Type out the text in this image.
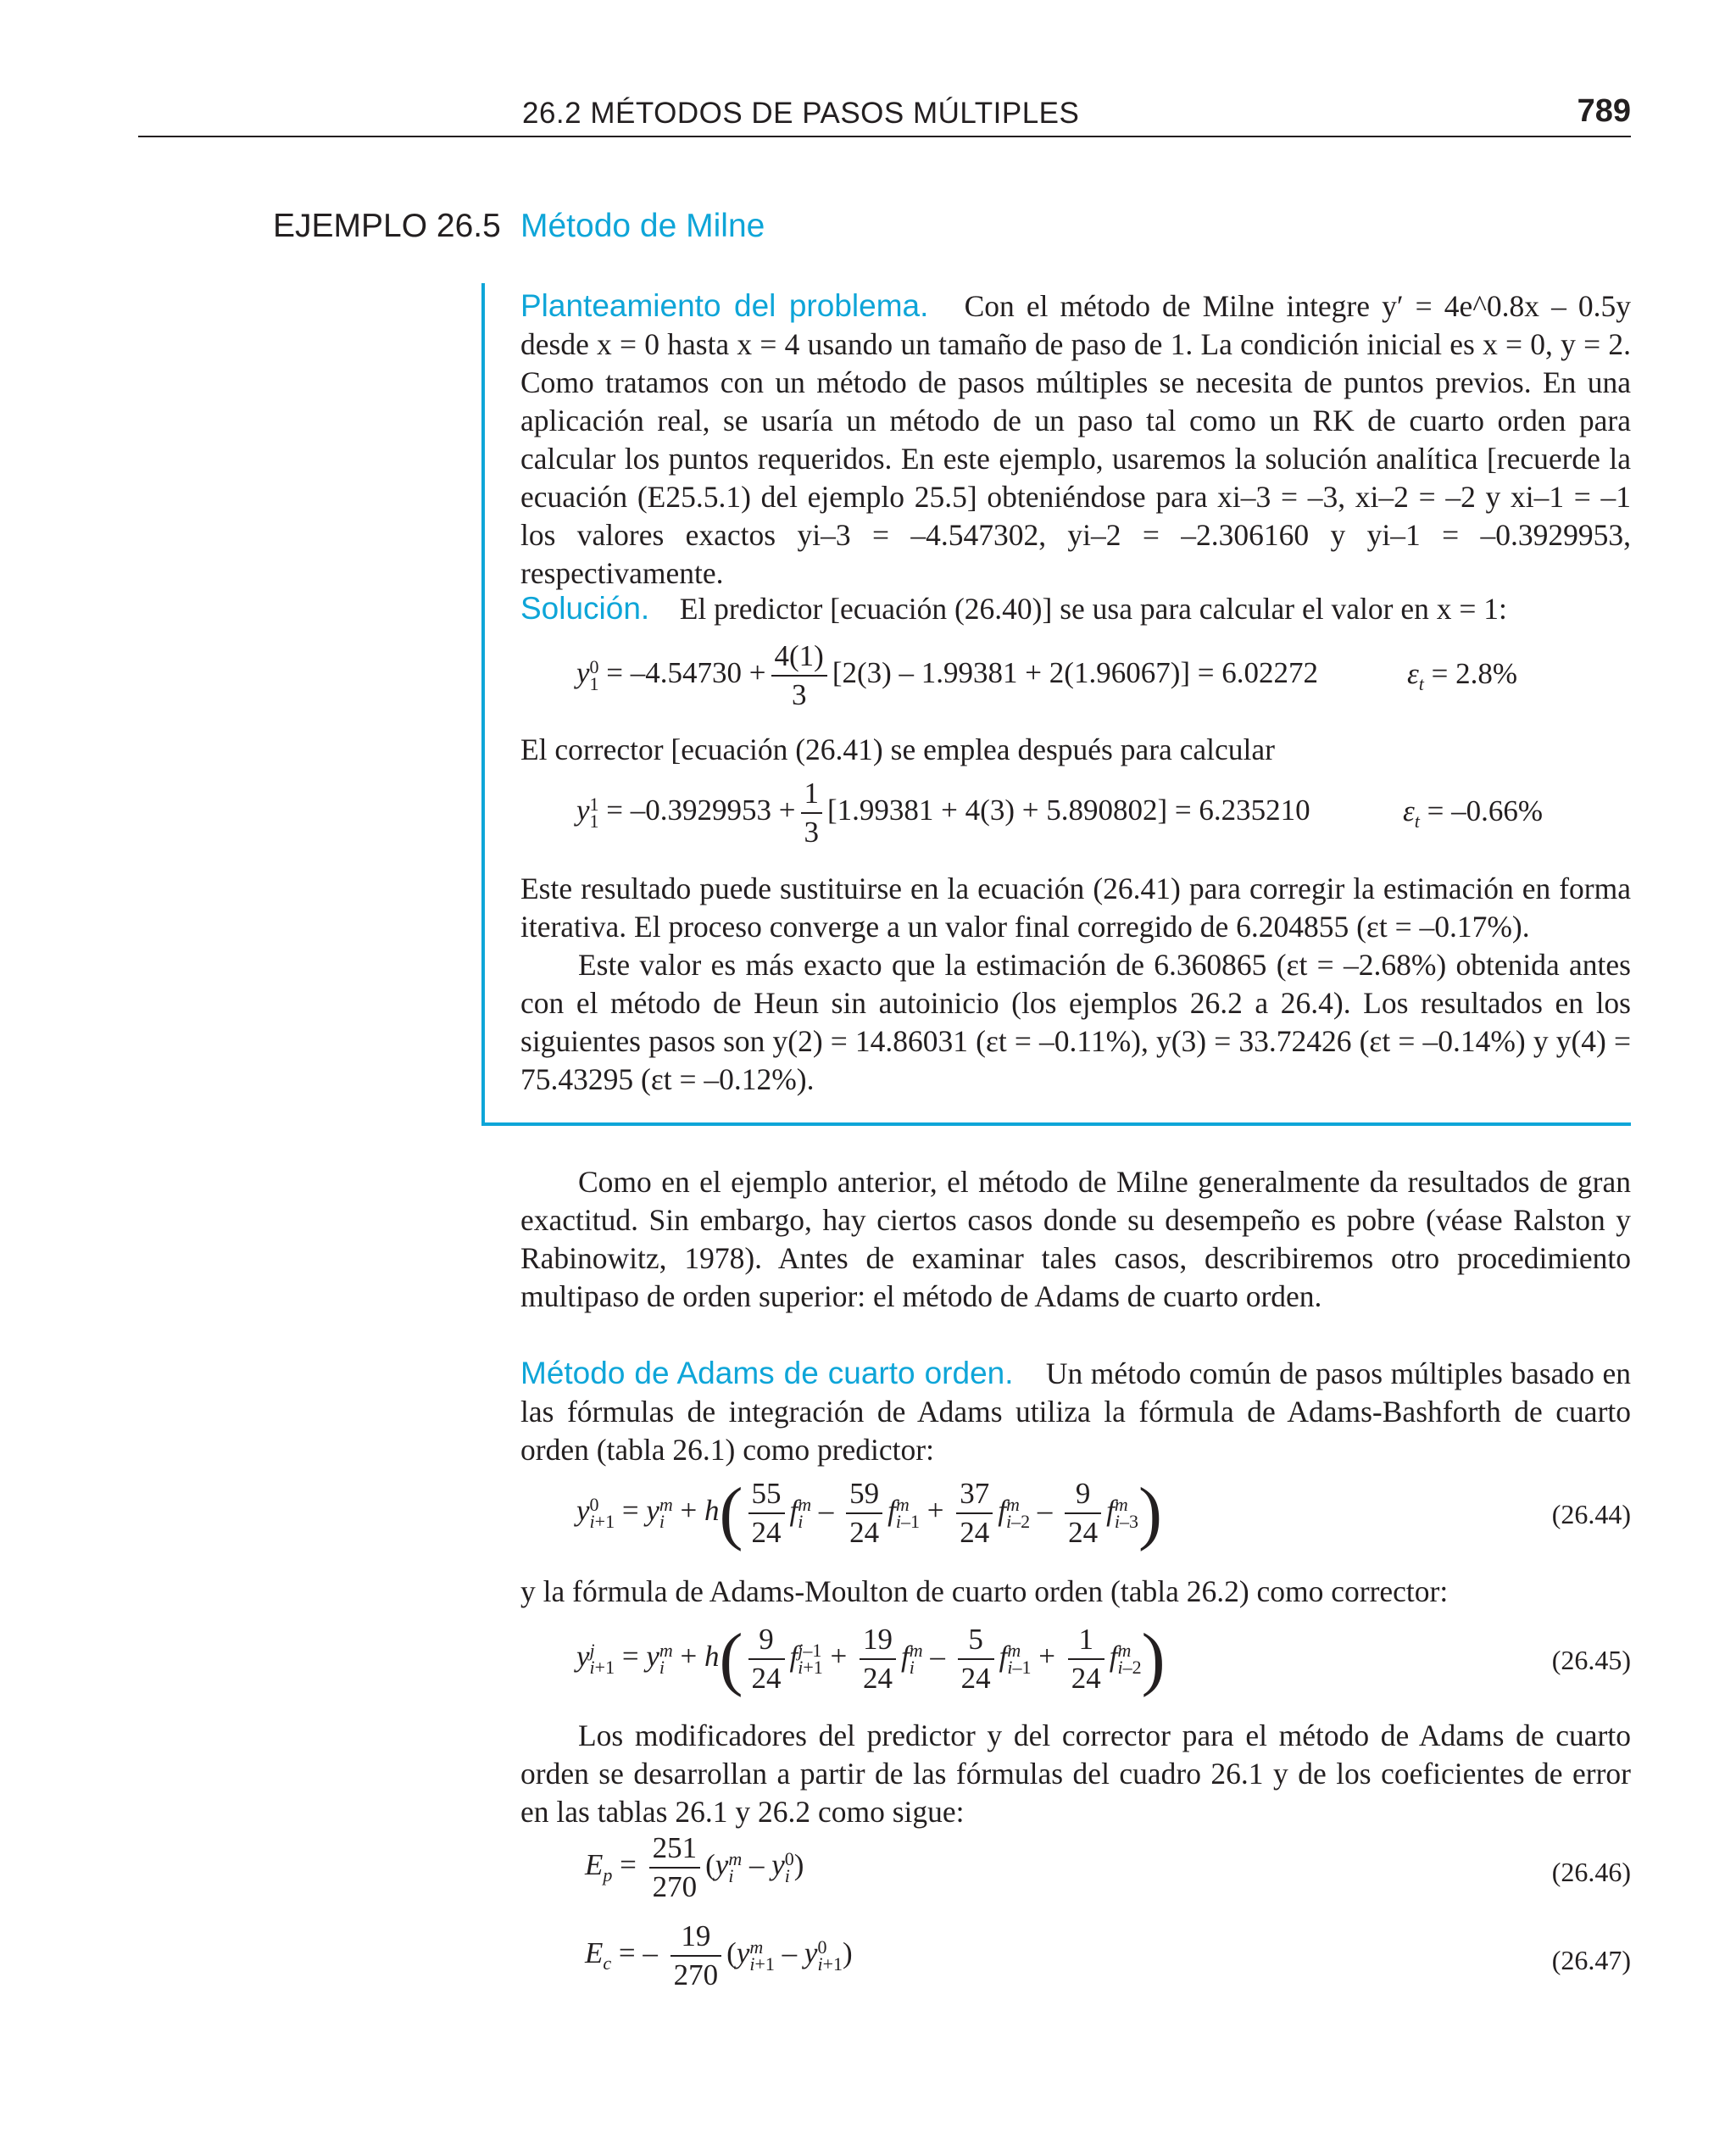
26.2 MÉTODOS DE PASOS MÚLTIPLES	789
EJEMPLO 26.5 Método de Milne
Planteamiento del problema. Con el método de Milne integre y′ = 4e^0.8x – 0.5y desde x = 0 hasta x = 4 usando un tamaño de paso de 1. La condición inicial es x = 0, y = 2. Como tratamos con un método de pasos múltiples se necesita de puntos previos. En una aplicación real, se usaría un método de un paso tal como un RK de cuarto orden para calcular los puntos requeridos. En este ejemplo, usaremos la solución analítica [recuerde la ecuación (E25.5.1) del ejemplo 25.5] obteniéndose para xi–3 = –3, xi–2 = –2 y xi–1 = –1 los valores exactos yi–3 = –4.547302, yi–2 = –2.306160 y yi–1 = –0.3929953, respectivamente.
Solución. El predictor [ecuación (26.40)] se usa para calcular el valor en x = 1:
y 0
$1 = -4.54730 + \frac{4(1)}{3} [2(3) - 1.99381 + 2(1.96067)] = 6.02272$	$\varepsilon_t = 2.8\%$
El corrector [ecuación (26.41) se emplea después para calcular
y 1
$1 = -0.3929953 + \frac{1}{3} [1.99381 + 4(3) + 5.890802] = 6.235210$	$\varepsilon_t = -0.66\%$
Este resultado puede sustituirse en la ecuación (26.41) para corregir la estimación en forma iterativa. El proceso converge a un valor final corregido de 6.204855 (εt = –0.17%).
Este valor es más exacto que la estimación de 6.360865 (εt = –2.68%) obtenida antes con el método de Heun sin autoinicio (los ejemplos 26.2 a 26.4). Los resultados en los siguientes pasos son y(2) = 14.86031 (εt = –0.11%), y(3) = 33.72426 (εt = –0.14%) y y(4) = 75.43295 (εt = –0.12%).
Como en el ejemplo anterior, el método de Milne generalmente da resultados de gran exactitud. Sin embargo, hay ciertos casos donde su desempeño es pobre (véase Ralston y Rabinowitz, 1978). Antes de examinar tales casos, describiremos otro procedimiento multipaso de orden superior: el método de Adams de cuarto orden.
Método de Adams de cuarto orden. Un método común de pasos múltiples basado en las fórmulas de integración de Adams utiliza la fórmula de Adams-Bashforth de cuarto orden (tabla 26.1) como predictor:
y 0
i+1 = y m
$i + h( \frac{55}{24}$ f m
i – $\frac{59}{24}$ f m
$i-1 + \frac{37}{24}$ f m
$i-2 - \frac{9}{24}$ f m
i–3 )	(26.44)
y la fórmula de Adams-Moulton de cuarto orden (tabla 26.2) como corrector:
y j
i+1 = y m
$i + h( \frac{9}{24}$ f j–1
$i+1 + \frac{19}{24}$ f m
i – $\frac{5}{24}$ f m
$i-1 + \frac{1}{24}$ f m
i–2 )	(26.45)
Los modificadores del predictor y del corrector para el método de Adams de cuarto orden se desarrollan a partir de las fórmulas del cuadro 26.1 y de los coeficientes de error en las tablas 26.1 y 26.2 como sigue:
$E_p = \frac{251}{270} (y$ m
i – y 0
i )	(26.46)
$E_c$ = – $\frac{19}{270} (y$ m
i+1 – y 0
i+1 )	(26.47)
